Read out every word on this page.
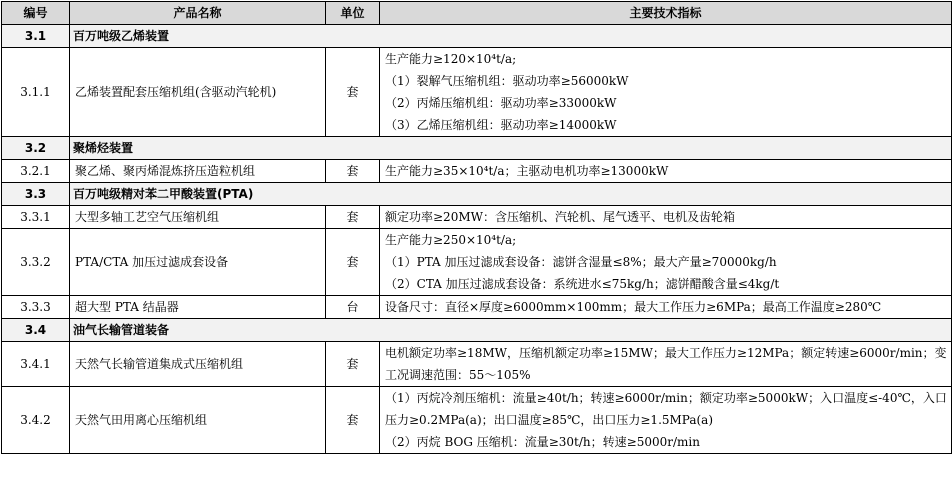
编号	产品名称	单位	主要技术指标
3.1	百万吨级乙烯装置		
3.1.1	乙烯装置配套压缩机组(含驱动汽轮机)	套	生产能力≥120×10⁴t/a;
（1）裂解气压缩机组：驱动功率≥56000kW
（2）丙烯压缩机组：驱动功率≥33000kW
（3）乙烯压缩机组：驱动功率≥14000kW

3.2	聚烯烃装置		
3.2.1	聚乙烯、聚丙烯混炼挤压造粒机组	套	生产能力≥35×10⁴t/a；主驱动电机功率≥13000kW

3.3	百万吨级精对苯二甲酸装置(PTA)		
3.3.1	大型多轴工艺空气压缩机组	套	额定功率≥20MW：含压缩机、汽轮机、尾气透平、电机及齿轮箱

3.3.2	PTA/CTA 加压过滤成套设备	套	生产能力≥250×10⁴t/a;
（1）PTA 加压过滤成套设备：滤饼含湿量≤8%；最大产量≥70000kg/h
（2）CTA 加压过滤成套设备：系统进水≤75kg/h；滤饼醋酸含量≤4kg/t

3.3.3	超大型 PTA 结晶器	台	设备尺寸：直径×厚度≥6000mm×100mm；最大工作压力≥6MPa；最高工作温度≥280℃

3.4	油气长输管道装备		
3.4.1	天然气长输管道集成式压缩机组	套	电机额定功率≥18MW，压缩机额定功率≥15MW；最大工作压力≥12MPa；额定转速≥6000r/min；变工况调速范围：55～105%

3.4.2	天然气田用离心压缩机组	套	（1）丙烷冷剂压缩机：流量≥40t/h；转速≥6000r/min；额定功率≥5000kW；入口温度≤-40℃，入口压力≥0.2MPa(a)；出口温度≥85℃，出口压力≥1.5MPa(a)
（2）丙烷 BOG 压缩机：流量≥30t/h；转速≥5000r/min
